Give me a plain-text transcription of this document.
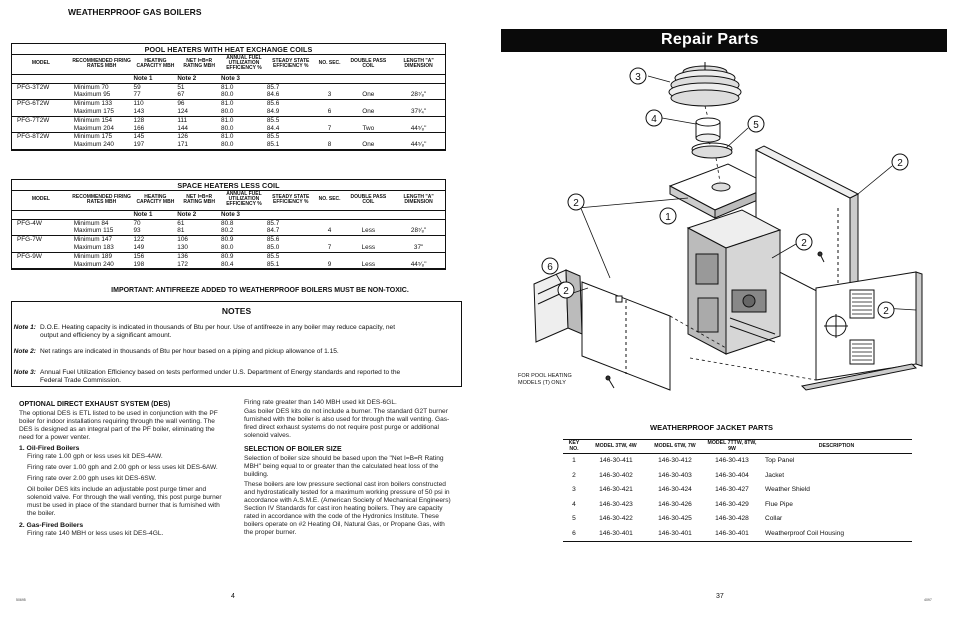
WEATHERPROOF GAS BOILERS
POOL HEATERS WITH HEAT EXCHANGE COILS
MODEL	RECOMMENDED FIRING RATES MBH	HEATING CAPACITY MBH	NET I=B=R RATING MBH	ANNUAL FUEL UTILIZATION EFFICIENCY %	STEADY STATE EFFICIENCY %	NO. SEC.	DOUBLE PASS COIL	LENGTH "A" DIMENSION
		Note 1	Note 2	Note 3				
PFG-3T2W	Minimum 70	59	51	81.0	85.7			
	Maximum 95	77	67	80.0	84.6	3	One	28⁷⁄₈"
PFG-6T2W	Minimum 133	110	96	81.0	85.6			
	Maximum 175	143	124	80.0	84.9	6	One	37³⁄₄"
PFG-7T2W	Minimum 154	128	111	81.0	85.5			
	Maximum 204	166	144	80.0	84.4	7	Two	44⁵⁄₈"
PFG-8T2W	Minimum 175	145	126	81.0	85.5			
	Maximum 240	197	171	80.0	85.1	8	One	44⁵⁄₈"
SPACE HEATERS LESS COIL
MODEL	RECOMMENDED FIRING RATES MBH	HEATING CAPACITY MBH	NET I=B=R RATING MBH	ANNUAL FUEL UTILIZATION EFFICIENCY %	STEADY STATE EFFICIENCY %	NO. SEC.	DOUBLE PASS COIL	LENGTH "A" DIMENSION
		Note 1	Note 2	Note 3				
PFG-4W	Minimum 84	70	61	80.8	85.7			
	Maximum 115	93	81	80.2	84.7	4	Less	28⁷⁄₈"
PFG-7W	Minimum 147	122	106	80.9	85.6			
	Maximum 183	149	130	80.0	85.0	7	Less	37"
PFG-9W	Minimum 189	156	136	80.9	85.5			
	Maximum 240	198	172	80.4	85.1	9	Less	44⁵⁄₈"
IMPORTANT: ANTIFREEZE ADDED TO WEATHERPROOF BOILERS MUST BE NON-TOXIC.
NOTES
Note 1: D.O.E. Heating capacity is indicated in thousands of Btu per hour. Use of antifreeze in any boiler may reduce capacity, net output and efficiency by a significant amount.
Note 2: Net ratings are indicated in thousands of Btu per hour based on a piping and pickup allowance of 1.15.
Note 3: Annual Fuel Utilization Efficiency based on tests performed under U.S. Department of Energy standards and reported to the Federal Trade Commission.
OPTIONAL DIRECT EXHAUST SYSTEM (DES)
The optional DES is ETL listed to be used in conjunction with the PF boiler for indoor installations requiring through the wall venting. The DES is designed as an integral part of the PF boiler, eliminating the need for a power venter.
1. Oil-Fired Boilers
Firing rate 1.00 gph or less uses kit DES-4AW.
Firing rate over 1.00 gph and 2.00 gph or less uses kit DES-6AW.
Firing rate over 2.00 gph uses kit DES-6SW.
Oil boiler DES kits include an adjustable post purge timer and solenoid valve. For through the wall venting, this post purge burner must be used in place of the standard burner that is furnished with the boiler.
2. Gas-Fired Boilers
Firing rate 140 MBH or less uses kit DES-4GL.
Firing rate greater than 140 MBH used kit DES-6GL.
Gas boiler DES kits do not include a burner. The standard G2T burner furnished with the boiler is also used for through the wall venting. Gas-fired direct exhaust systems do not require post purge or additional solenoid valves.
SELECTION OF BOILER SIZE
Selection of boiler size should be based upon the "Net I=B=R Rating MBH" being equal to or greater than the calculated heat loss of the building.
These boilers are low pressure sectional cast iron boilers constructed and hydrostatically tested for a maximum working pressure of 50 psi in accordance with A.S.M.E. (American Society of Mechanical Engineers) Section IV Standards for cast iron heating boilers. They are capacity rated in accordance with the code of the Hydronics Institute. These boilers operate on #2 Heating Oil, Natural Gas, or Propane Gas, with the proper burner.
4
50695
Repair Parts
3
4
5
2
2
1
2
6
2
2
FOR POOL HEATING MODELS (T) ONLY
WEATHERPROOF JACKET PARTS
KEY NO.	MODEL 3TW, 4W	MODEL 6TW, 7W	MODEL 7TTW, 8TW, 9W	DESCRIPTION
1	146-30-411	146-30-412	146-30-413	Top Panel
2	146-30-402	146-30-403	146-30-404	Jacket
3	146-30-421	146-30-424	146-30-427	Weather Shield
4	146-30-423	146-30-426	146-30-429	Flue Pipe
5	146-30-422	146-30-425	146-30-428	Collar
6	146-30-401	146-30-401	146-30-401	Weatherproof Coil Housing
37	4097
